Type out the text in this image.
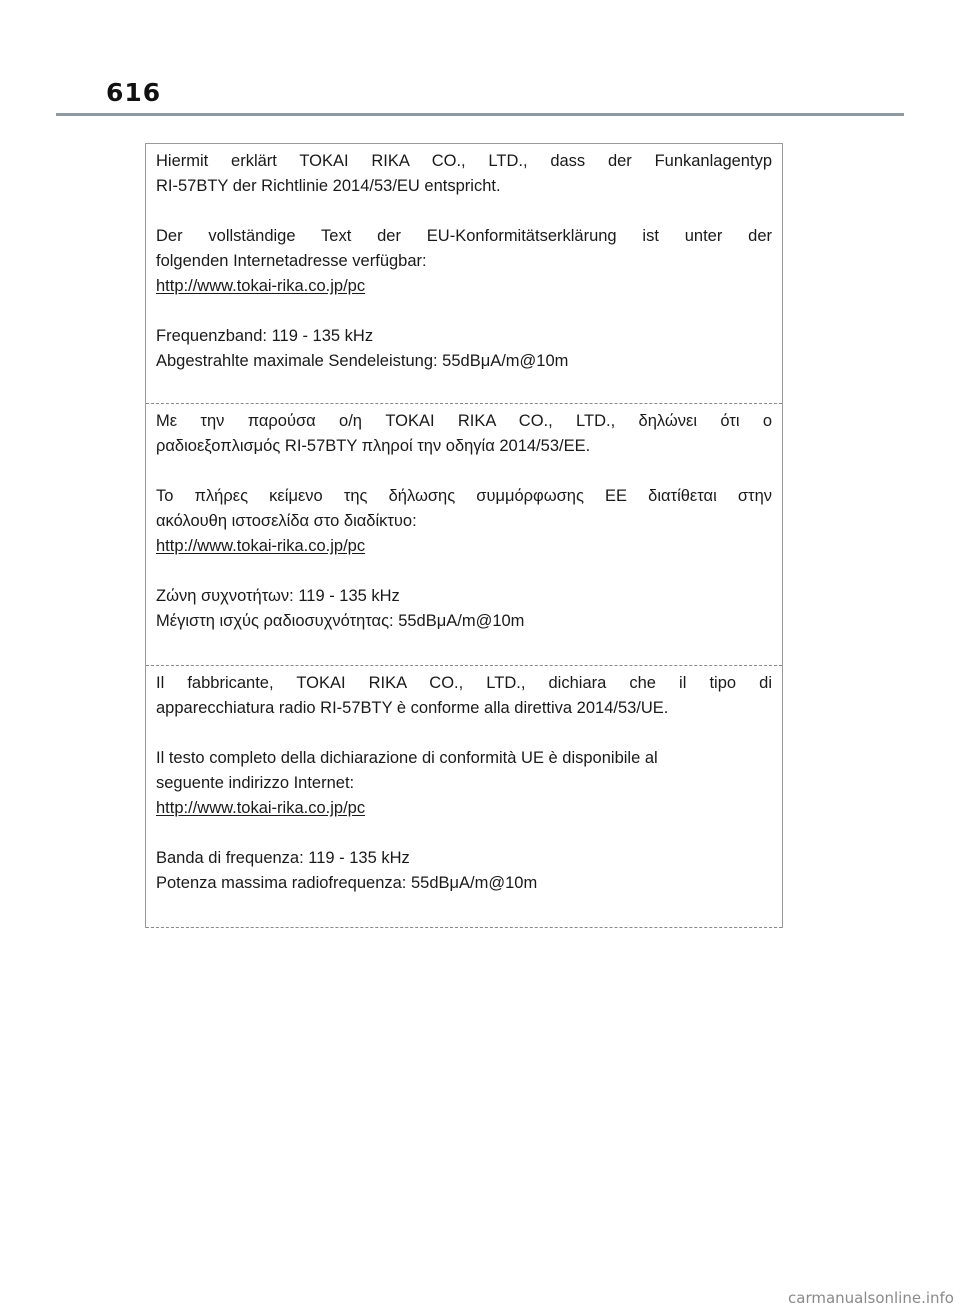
616
Hiermit erklärt TOKAI RIKA CO., LTD., dass der Funkanlagentyp
RI-57BTY der Richtlinie 2014/53/EU entspricht.
Der vollständige Text der EU-Konformitätserklärung ist unter der
folgenden Internetadresse verfügbar:
http://www.tokai-rika.co.jp/pc
Frequenzband: 119 - 135 kHz
Abgestrahlte maximale Sendeleistung: 55dBμA/m@10m
Με την παρούσα ο/η TOKAI RIKA CO., LTD., δηλώνει ότι ο
ραδιοεξοπλισμός RI-57BTY πληροί την οδηγία 2014/53/ΕΕ.
Το πλήρες κείμενο της δήλωσης συμμόρφωσης ΕΕ διατίθεται στην
ακόλουθη ιστοσελίδα στο διαδίκτυο:
http://www.tokai-rika.co.jp/pc
Ζώνη συχνοτήτων: 119 - 135 kHz
Μέγιστη ισχύς ραδιοσυχνότητας: 55dBμA/m@10m
Il fabbricante, TOKAI RIKA CO., LTD., dichiara che il tipo di
apparecchiatura radio RI-57BTY è conforme alla direttiva 2014/53/UE.
Il testo completo della dichiarazione di conformità UE è disponibile al
seguente indirizzo Internet:
http://www.tokai-rika.co.jp/pc
Banda di frequenza: 119 - 135 kHz
Potenza massima radiofrequenza: 55dBμA/m@10m
carmanualsonline.info
